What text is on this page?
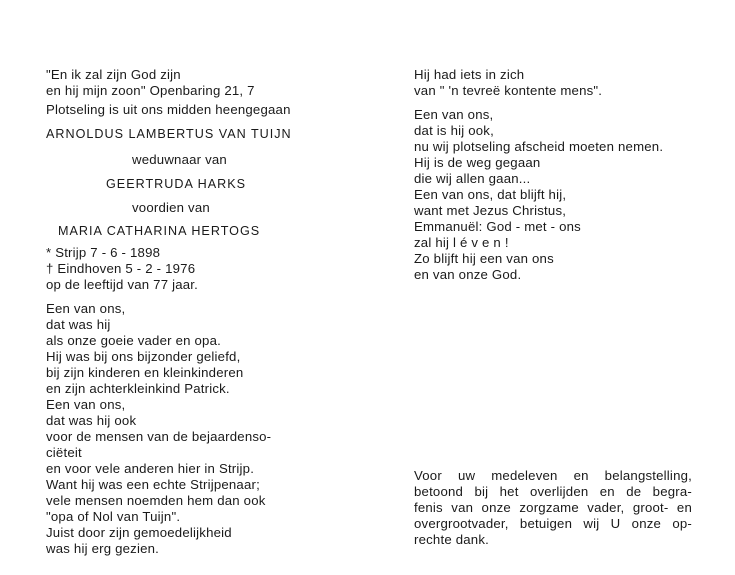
"En ik zal zijn God zijn
en hij mijn zoon" Openbaring 21, 7
Plotseling is uit ons midden heengegaan
ARNOLDUS LAMBERTUS VAN TUIJN
weduwnaar van
GEERTRUDA HARKS
voordien van
MARIA CATHARINA HERTOGS
* Strijp 7 - 6 - 1898
† Eindhoven 5 - 2 - 1976
op de leeftijd van 77 jaar.
Een van ons,
dat was hij
als onze goeie vader en opa.
Hij was bij ons bijzonder geliefd,
bij zijn kinderen en kleinkinderen
en zijn achterkleinkind Patrick.
Een van ons,
dat was hij ook
voor de mensen van de bejaardenso-
ciëteit
en voor vele anderen hier in Strijp.
Want hij was een echte Strijpenaar;
vele mensen noemden hem dan ook
"opa of Nol van Tuijn".
Juist door zijn gemoedelijkheid
was hij erg gezien.
Hij had iets in zich
van " 'n tevreë kontente mens".
Een van ons,
dat is hij ook,
nu wij plotseling afscheid moeten nemen.
Hij is de weg gegaan
die wij allen gaan...
Een van ons, dat blijft hij,
want met Jezus Christus,
Emmanuël: God - met - ons
zal hij l é v e n !
Zo blijft hij een van ons
en van onze God.
Voor uw medeleven en belangstelling,
betoond bij het overlijden en de begra-
fenis van onze zorgzame vader, groot- en
overgrootvader, betuigen wij U onze op-
rechte dank.
